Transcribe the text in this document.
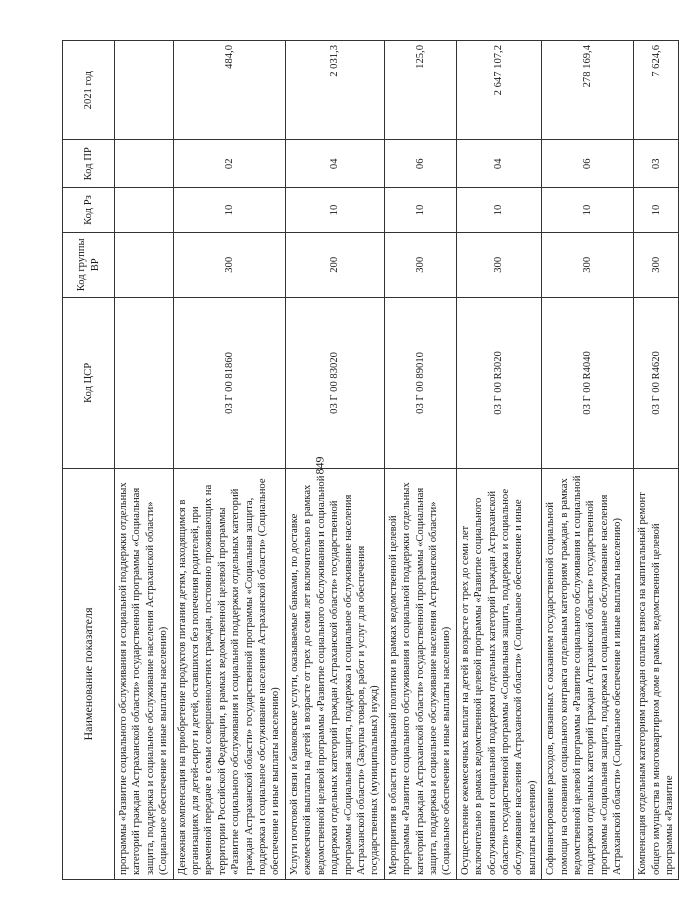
849
Наименование показателя	Код ЦСР	Код группы ВР	Код Рз	Код ПР	2021 год
программы «Развитие социального обслуживания и социальной поддержки отдельных категорий граждан Астраханской области» государственной программы «Социальная защита, поддержка и социальное обслуживание населения Астраханской области» (Социальное обеспечение и иные выплаты населению)					
Денежная компенсация на приобретение продуктов питания детям, находящимся в организациях для детей-сирот и детей, оставшихся без попечения родителей, при временной передаче в семьи совершеннолетних граждан, постоянно проживающих на территории Российской Федерации, в рамках ведомственной целевой программы «Развитие социального обслуживания и социальной поддержки отдельных категорий граждан Астраханской области» государственной программы «Социальная защита, поддержка и социальное обслуживание населения Астраханской области» (Социальное обеспечение и иные выплаты населению)	03 Г 00 81860	300	10	02	484,0
Услуги почтовой связи и банковские услуги, оказываемые банками, по доставке ежемесячной выплаты на детей в возрасте от трех до семи лет включительно в рамках ведомственной целевой программы «Развитие социального обслуживания и социальной поддержки отдельных категорий граждан Астраханской области» государственной программы «Социальная защита, поддержка и социальное обслуживание населения Астраханской области» (Закупка товаров, работ и услуг для обеспечения государственных (муниципальных) нужд)	03 Г 00 83020	200	10	04	2 031,3
Мероприятия в области социальной политики в рамках ведомственной целевой программы «Развитие социального обслуживания и социальной поддержки отдельных категорий граждан Астраханской области» государственной программы «Социальная защита, поддержка и социальное обслуживание населения Астраханской области» (Социальное обеспечение и иные выплаты населению)	03 Г 00 89010	300	10	06	125,0
Осуществление ежемесячных выплат на детей в возрасте от трех до семи лет включительно в рамках ведомственной целевой программы «Развитие социального обслуживания и социальной поддержки отдельных категорий граждан Астраханской области» государственной программы «Социальная защита, поддержка и социальное обслуживание населения Астраханской области» (Социальное обеспечение и иные выплаты населению)	03 Г 00 R3020	300	10	04	2 647 107,2
Софинансирование расходов, связанных с оказанием государственной социальной помощи на основании социального контракта отдельным категориям граждан, в рамках ведомственной целевой программы «Развитие социального обслуживания и социальной поддержки отдельных категорий граждан Астраханской области» государственной программы «Социальная защита, поддержка и социальное обслуживание населения Астраханской области» (Социальное обеспечение и иные выплаты населению)	03 Г 00 R4040	300	10	06	278 169,4
Компенсация отдельным категориям граждан оплаты взноса на капитальный ремонт общего имущества в многоквартирном доме в рамках ведомственной целевой программы «Развитие	03 Г 00 R4620	300	10	03	7 624,6
